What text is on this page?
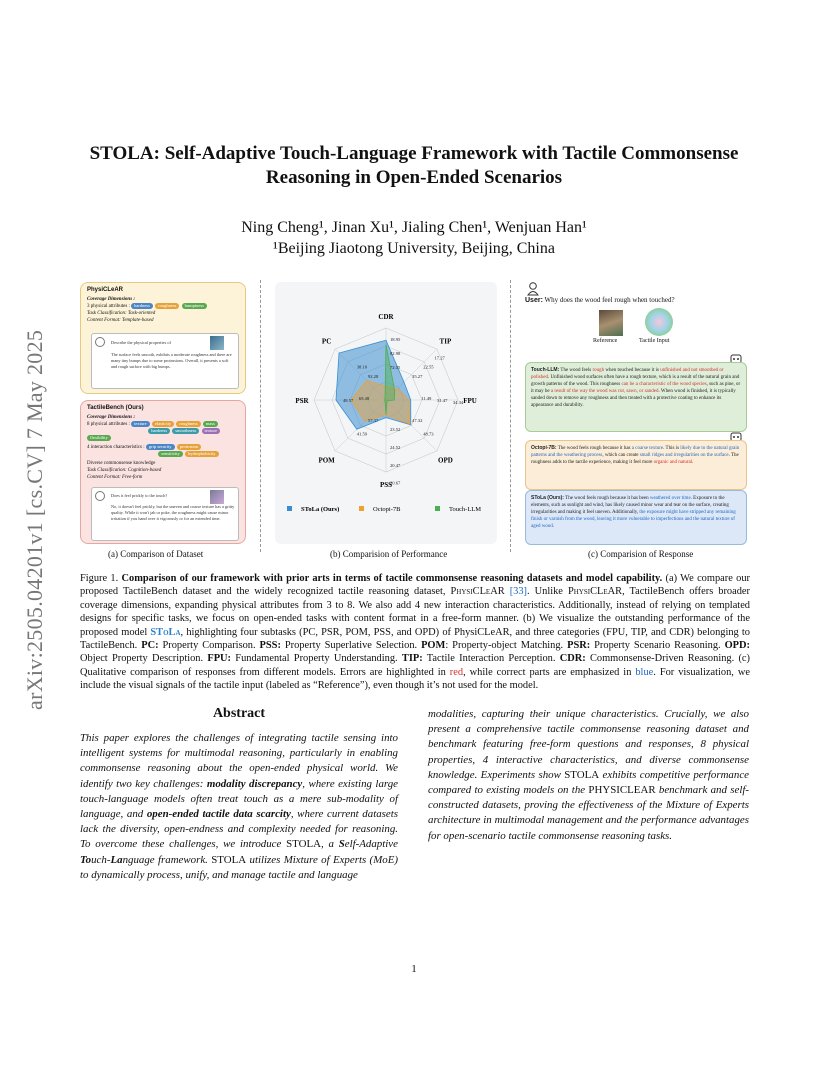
arXiv:2505.04201v1 [cs.CV] 7 May 2025
STOLA: Self-Adaptive Touch-Language Framework with Tactile Commonsense
Reasoning in Open-Ended Scenarios
Ning Cheng¹, Jinan Xu¹, Jialing Chen¹, Wenjuan Han¹
¹Beijing Jiaotong University, Beijing, China
PhysiCLeAR
Coverage Dimensions :
3 physical attributes : hardness roughness bumpiness
Task Classification: Task-oriented
Content Format: Template-based
Describe the physical properties of
The surface feels smooth, exhibits a moderate roughness and there are many tiny bumps due to some protrusions. Overall, it presents a soft and rough surface with big bumps.
TactileBench (Ours)
Coverage Dimensions :
8 physical attributes : texture elasticity roughness mass
hardness smoothness texture flexibility
4 interaction characteristics : grip security protrusion
sensitivity hydrophobicity
Diverse commonsense knowledge
Task Classification: Cognition-based
Content Format: Free-form
Does it feel prickly to the touch?
No, it doesn't feel prickly, but the uneven and coarse texture has a gritty quality. While it won't jab or poke, the roughness might cause minor irritation if you hand over it vigorously or for an extended time.
CDR
TIP
FPU
OPD
PSS
POM
PSR
PC
72.55
82.98
18.95
35.27
22.55
17.27
11.49 31.47 34.34
47.32
48.73
23.52
24.52
20.47
20.67
57.37
41.59
69.48
48.57
92.28
38.10
SToLa (Ours)	Octopi-7B	Touch-LLM
User: Why does the wood feel rough when touched?
Reference	Tactile Input
Touch-LLM: The wood feels rough when touched because it is unfinished and not smoothed or polished. Unfinished wood surfaces often have a rough texture, which is a result of the natural grain and growth patterns of the wood. This roughness can be a characteristic of the wood species, such as pine, or it may be a result of the way the wood was cut, sawn, or sanded. When wood is finished, it is typically sanded down to remove any roughness and then treated with a protective coating to enhance its appearance and durability.
Octopi-7B: The wood feels rough because it has a coarse texture. This is likely due to the natural grain patterns and the weathering process, which can create small ridges and irregularities on the surface. The roughness adds to the tactile experience, making it feel more organic and natural.
SToLa (Ours): The wood feels rough because it has been weathered over time. Exposure to the elements, such as sunlight and wind, has likely caused minor wear and tear on the surface, creating irregularities and making it feel uneven. Additionally, the exposure might have stripped any remaining finish or varnish from the wood, leaving it more vulnerable to imperfections and the natural texture of aged wood.
(a) Comparison of Dataset	(b) Comparision of Performance	(c) Comparision of Response
Figure 1. Comparison of our framework with prior arts in terms of tactile commonsense reasoning datasets and model capability. (a) We compare our proposed TactileBench dataset and the widely recognized tactile reasoning dataset, PhysiCLeAR [33]. Unlike PhysiCLeAR, TactileBench offers broader coverage dimensions, expanding physical attributes from 3 to 8. We also add 4 new interaction characteristics. Additionally, instead of relying on templated designs for specific tasks, we focus on open-ended tasks with content format in a free-form manner. (b) We visualize the outstanding performance of the proposed model SToLa, highlighting four subtasks (PC, PSR, POM, PSS, and OPD) of PhysiCLeAR, and three categories (FPU, TIP, and CDR) belonging to TactileBench. PC: Property Comparison. PSS: Property Superlative Selection. POM: Property-object Matching. PSR: Property Scenario Reasoning. OPD: Object Property Description. FPU: Fundamental Property Understanding. TIP: Tactile Interaction Perception. CDR: Commonsense-Driven Reasoning. (c) Qualitative comparison of responses from different models. Errors are highlighted in red, while correct parts are emphasized in blue. For visualization, we include the visual signals of the tactile input (labeled as “Reference”), even though it’s not used for the model.
Abstract
This paper explores the challenges of integrating tactile sensing into intelligent systems for multimodal reasoning, particularly in enabling commonsense reasoning about the open-ended physical world. We identify two key challenges: modality discrepancy, where existing large touch-language models often treat touch as a mere sub-modality of language, and open-ended tactile data scarcity, where current datasets lack the diversity, open-endness and complexity needed for reasoning. To overcome these challenges, we introduce STOLA, a Self-Adaptive Touch-Language framework. STOLA utilizes Mixture of Experts (MoE) to dynamically process, unify, and manage tactile and language
modalities, capturing their unique characteristics. Crucially, we also present a comprehensive tactile commonsense reasoning dataset and benchmark featuring free-form questions and responses, 8 physical properties, 4 interactive characteristics, and diverse commonsense knowledge. Experiments show STOLA exhibits competitive performance compared to existing models on the PHYSICLEAR benchmark and self-constructed datasets, proving the effectiveness of the Mixture of Experts architecture in multimodal management and the performance advantages for open-scenario tactile commonsense reasoning tasks.
1
